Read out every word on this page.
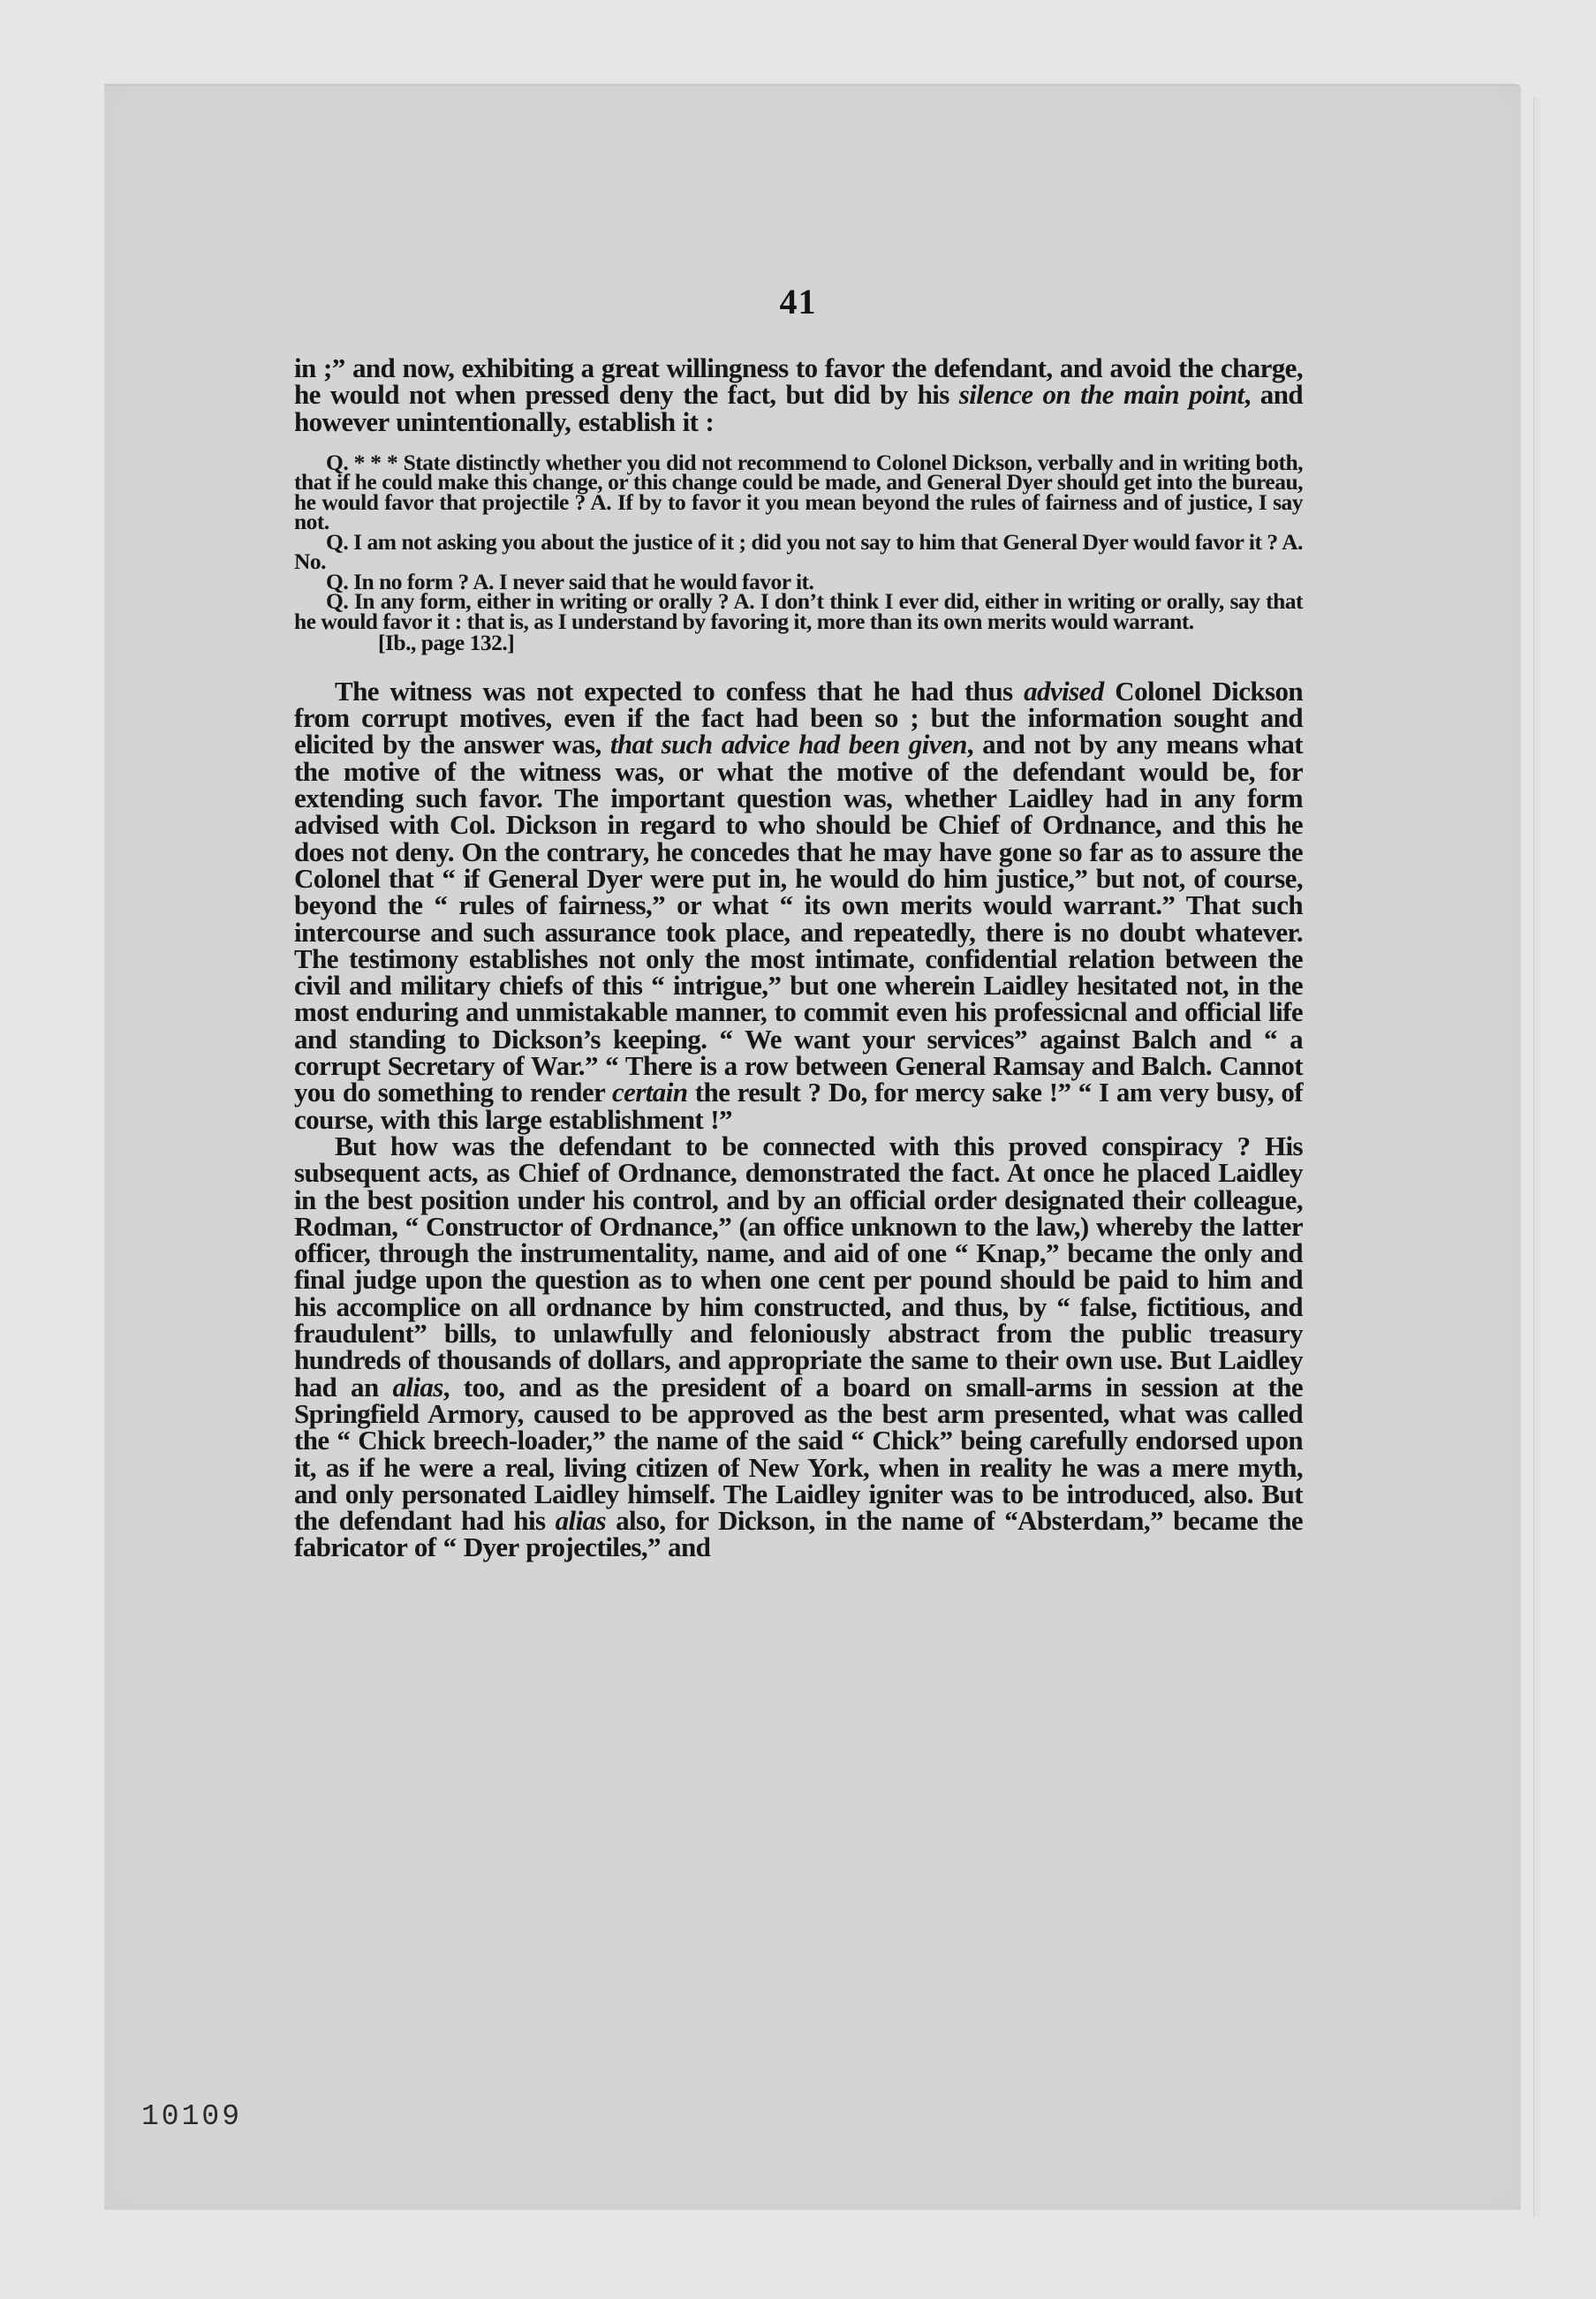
41

in ;” and now, exhibiting a great willingness to favor the defendant, and avoid the charge, he would not when pressed deny the fact, but did by his silence on the main point, and however unintentionally, establish it :

Q. * * * State distinctly whether you did not recommend to Colonel Dickson, verbally and in writing both, that if he could make this change, or this change could be made, and General Dyer should get into the bureau, he would favor that projectile ? A. If by to favor it you mean beyond the rules of fairness and of justice, I say not.

Q. I am not asking you about the justice of it ; did you not say to him that General Dyer would favor it ? A. No.

Q. In no form ? A. I never said that he would favor it.

Q. In any form, either in writing or orally ? A. I don’t think I ever did, either in writing or orally, say that he would favor it : that is, as I understand by favoring it, more than its own merits would warrant.

[Ib., page 132.]

The witness was not expected to confess that he had thus advised Colonel Dickson from corrupt motives, even if the fact had been so ; but the information sought and elicited by the answer was, that such advice had been given, and not by any means what the motive of the witness was, or what the motive of the defendant would be, for extending such favor. The important question was, whether Laidley had in any form advised with Col. Dickson in regard to who should be Chief of Ordnance, and this he does not deny. On the contrary, he concedes that he may have gone so far as to assure the Colonel that “ if General Dyer were put in, he would do him justice,” but not, of course, beyond the “ rules of fairness,” or what “ its own merits would warrant.” That such intercourse and such assurance took place, and repeatedly, there is no doubt whatever. The testimony establishes not only the most intimate, confidential relation between the civil and military chiefs of this “ intrigue,” but one wherein Laidley hesitated not, in the most enduring and unmistakable manner, to commit even his professicnal and official life and standing to Dickson’s keeping. “ We want your services” against Balch and “ a corrupt Secretary of War.” “ There is a row between General Ramsay and Balch. Cannot you do something to render certain the result ? Do, for mercy sake !” “ I am very busy, of course, with this large establishment !”

But how was the defendant to be connected with this proved conspiracy ? His subsequent acts, as Chief of Ordnance, demonstrated the fact. At once he placed Laidley in the best position under his control, and by an official order designated their colleague, Rodman, “ Constructor of Ordnance,” (an office unknown to the law,) whereby the latter officer, through the instrumentality, name, and aid of one “ Knap,” became the only and final judge upon the question as to when one cent per pound should be paid to him and his accomplice on all ordnance by him constructed, and thus, by “ false, fictitious, and fraudulent” bills, to unlawfully and feloniously abstract from the public treasury hundreds of thousands of dollars, and appropriate the same to their own use. But Laidley had an alias, too, and as the president of a board on small-arms in session at the Springfield Armory, caused to be approved as the best arm presented, what was called the “ Chick breech-loader,” the name of the said “ Chick” being carefully endorsed upon it, as if he were a real, living citizen of New York, when in reality he was a mere myth, and only personated Laidley himself. The Laidley igniter was to be introduced, also. But the defendant had his alias also, for Dickson, in the name of “Absterdam,” became the fabricator of “ Dyer projectiles,” and

10109
